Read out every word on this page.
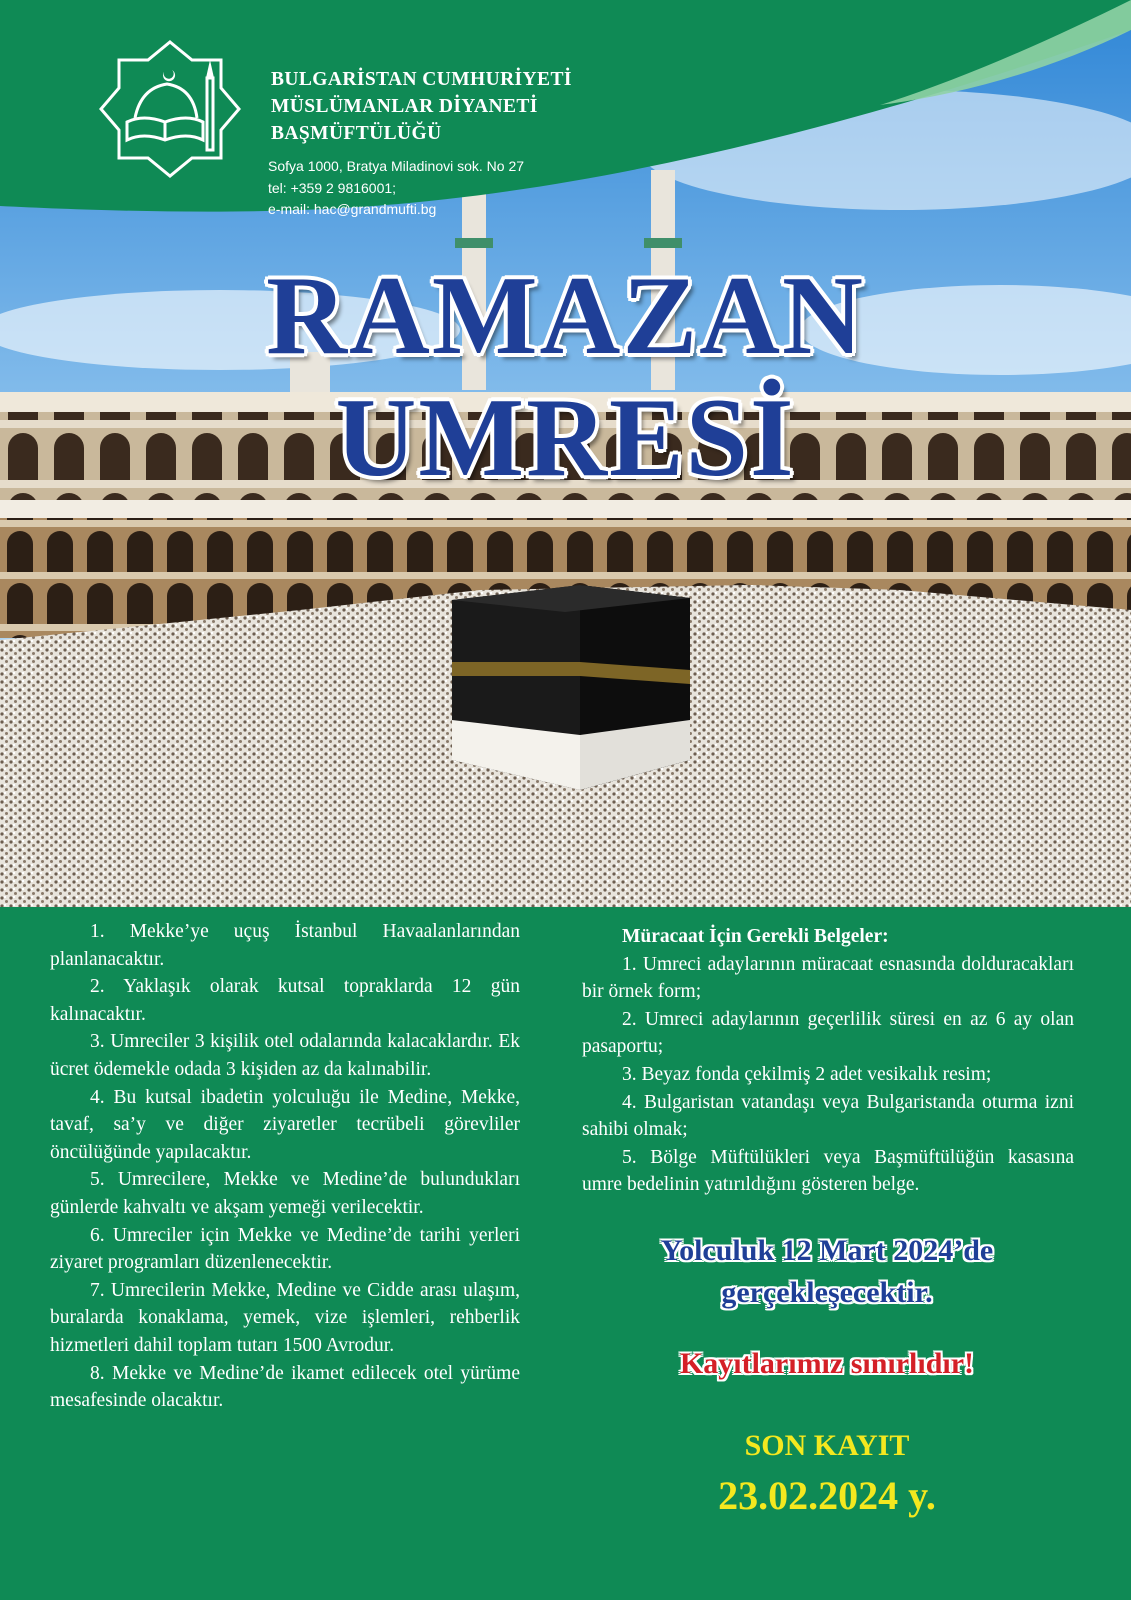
BULGARİSTAN CUMHURİYETİ
MÜSLÜMANLAR DİYANETİ
BAŞMÜFTÜLÜĞÜ
Sofya 1000, Bratya Miladinovi sok. No 27
tel: +359 2 9816001;
e-mail: hac@grandmufti.bg
RAMAZAN
UMRESİ

1. Mekke’ye uçuş İstanbul Havaalanlarından planlanacaktır.

2. Yaklaşık olarak kutsal topraklarda 12 gün kalınacaktır.

3. Umreciler 3 kişilik otel odalarında kalacaklardır. Ek ücret ödemekle odada 3 kişiden az da kalınabilir.

4. Bu kutsal ibadetin yolculuğu ile Medine, Mekke, tavaf, sa’y ve diğer ziyaretler tecrübeli görevliler öncülüğünde yapılacaktır.

5. Umrecilere, Mekke ve Medine’de bulundukları günlerde kahvaltı ve akşam yemeği verilecektir.

6. Umreciler için Mekke ve Medine’de tarihi yerleri ziyaret programları düzenlenecektir.

7. Umrecilerin Mekke, Medine ve Cidde arası ulaşım, buralarda konaklama, yemek, vize işlemleri, rehberlik hizmetleri dahil toplam tutarı 1500 Avrodur.

8. Mekke ve Medine’de ikamet edilecek otel yürüme mesafesinde olacaktır.

Müracaat İçin Gerekli Belgeler:

1. Umreci adaylarının müracaat esnasında dolduracakları bir örnek form;

2. Umreci adaylarının geçerlilik süresi en az 6 ay olan pasaportu;

3. Beyaz fonda çekilmiş 2 adet vesikalık resim;

4. Bulgaristan vatandaşı veya Bulgaristanda oturma izni sahibi olmak;

5. Bölge Müftülükleri veya Başmüftülüğün kasasına umre bedelinin yatırıldığını gösteren belge.

Yolculuk 12 Mart 2024’de
gerçekleşecektir.
Kayıtlarımız sınırlıdır!
SON KAYIT
23.02.2024 y.
